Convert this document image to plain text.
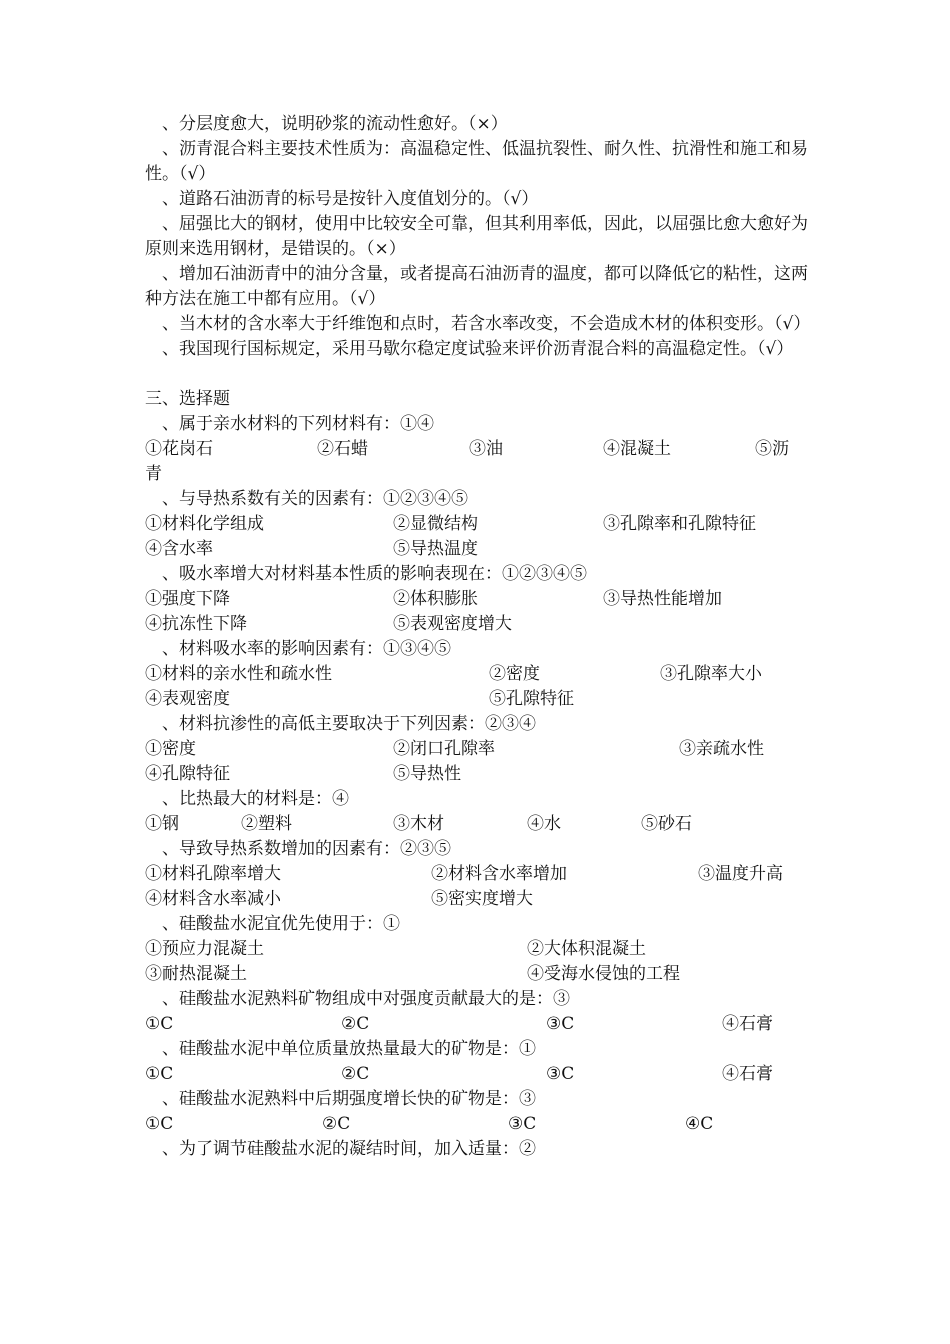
　、分层度愈大，说明砂浆的流动性愈好。（×）

　、沥青混合料主要技术性质为：高温稳定性、低温抗裂性、耐久性、抗滑性和施工和易性。（√）

　、道路石油沥青的标号是按针入度值划分的。（√）

　、屈强比大的钢材，使用中比较安全可靠，但其利用率低，因此，以屈强比愈大愈好为原则来选用钢材，是错误的。（×）

　、增加石油沥青中的油分含量，或者提高石油沥青的温度，都可以降低它的粘性，这两种方法在施工中都有应用。（√）

　、当木材的含水率大于纤维饱和点时，若含水率改变，不会造成木材的体积变形。（√）

　、我国现行国标规定，采用马歇尔稳定度试验来评价沥青混合料的高温稳定性。（√）

三、选择题

　、属于亲水材料的下列材料有：①④

①花岗石	②石蜡	③油	④混凝土	⑤沥

青

　、与导热系数有关的因素有：①②③④⑤

①材料化学组成	②显微结构	③孔隙率和孔隙特征
④含水率	⑤导热温度

　、吸水率增大对材料基本性质的影响表现在：①②③④⑤

①强度下降	②体积膨胀	③导热性能增加
④抗冻性下降	⑤表观密度增大

　、材料吸水率的影响因素有：①③④⑤

①材料的亲水性和疏水性	②密度	③孔隙率大小
④表观密度	⑤孔隙特征

　、材料抗渗性的高低主要取决于下列因素：②③④

①密度	②闭口孔隙率	③亲疏水性
④孔隙特征	⑤导热性

　、比热最大的材料是：④

①钢	②塑料	③木材	④水	⑤砂石

　、导致导热系数增加的因素有：②③⑤

①材料孔隙率增大	②材料含水率增加	③温度升高
④材料含水率减小	⑤密实度增大

　、硅酸盐水泥宜优先使用于：①

①预应力混凝土	②大体积混凝土
③耐热混凝土	④受海水侵蚀的工程

　、硅酸盐水泥熟料矿物组成中对强度贡献最大的是：③

①C	②C	③C	④石膏

　、硅酸盐水泥中单位质量放热量最大的矿物是：①

①C	②C	③C	④石膏

　、硅酸盐水泥熟料中后期强度增长快的矿物是：③

①C	②C	③C	④C

　、为了调节硅酸盐水泥的凝结时间，加入适量：②
